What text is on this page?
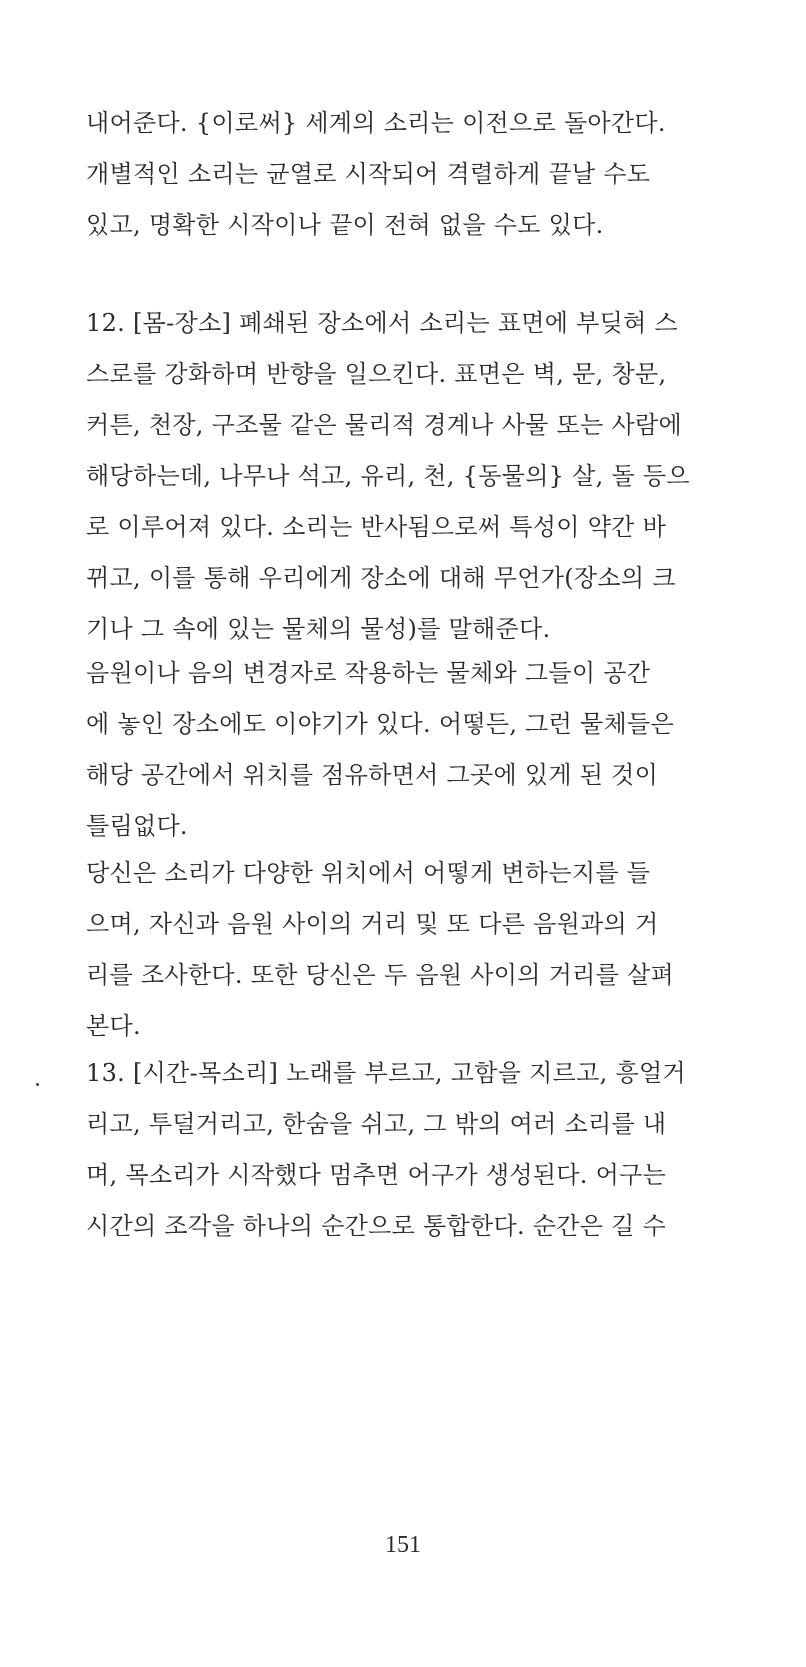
내어준다. {이로써} 세계의 소리는 이전으로 돌아간다.
개별적인 소리는 균열로 시작되어 격렬하게 끝날 수도
있고, 명확한 시작이나 끝이 전혀 없을 수도 있다.

12. [몸-장소] 폐쇄된 장소에서 소리는 표면에 부딪혀 스
스로를 강화하며 반향을 일으킨다. 표면은 벽, 문, 창문,
커튼, 천장, 구조물 같은 물리적 경계나 사물 또는 사람에
해당하는데, 나무나 석고, 유리, 천, {동물의} 살, 돌 등으
로 이루어져 있다. 소리는 반사됨으로써 특성이 약간 바
뀌고, 이를 통해 우리에게 장소에 대해 무언가(장소의 크
기나 그 속에 있는 물체의 물성)를 말해준다.

음원이나 음의 변경자로 작용하는 물체와 그들이 공간
에 놓인 장소에도 이야기가 있다. 어떻든, 그런 물체들은
해당 공간에서 위치를 점유하면서 그곳에 있게 된 것이
틀림없다.

당신은 소리가 다양한 위치에서 어떻게 변하는지를 들
으며, 자신과 음원 사이의 거리 및 또 다른 음원과의 거
리를 조사한다. 또한 당신은 두 음원 사이의 거리를 살펴
본다.

13. [시간-목소리] 노래를 부르고, 고함을 지르고, 흥얼거
리고, 투덜거리고, 한숨을 쉬고, 그 밖의 여러 소리를 내
며, 목소리가 시작했다 멈추면 어구가 생성된다. 어구는
시간의 조각을 하나의 순간으로 통합한다. 순간은 길 수

151
